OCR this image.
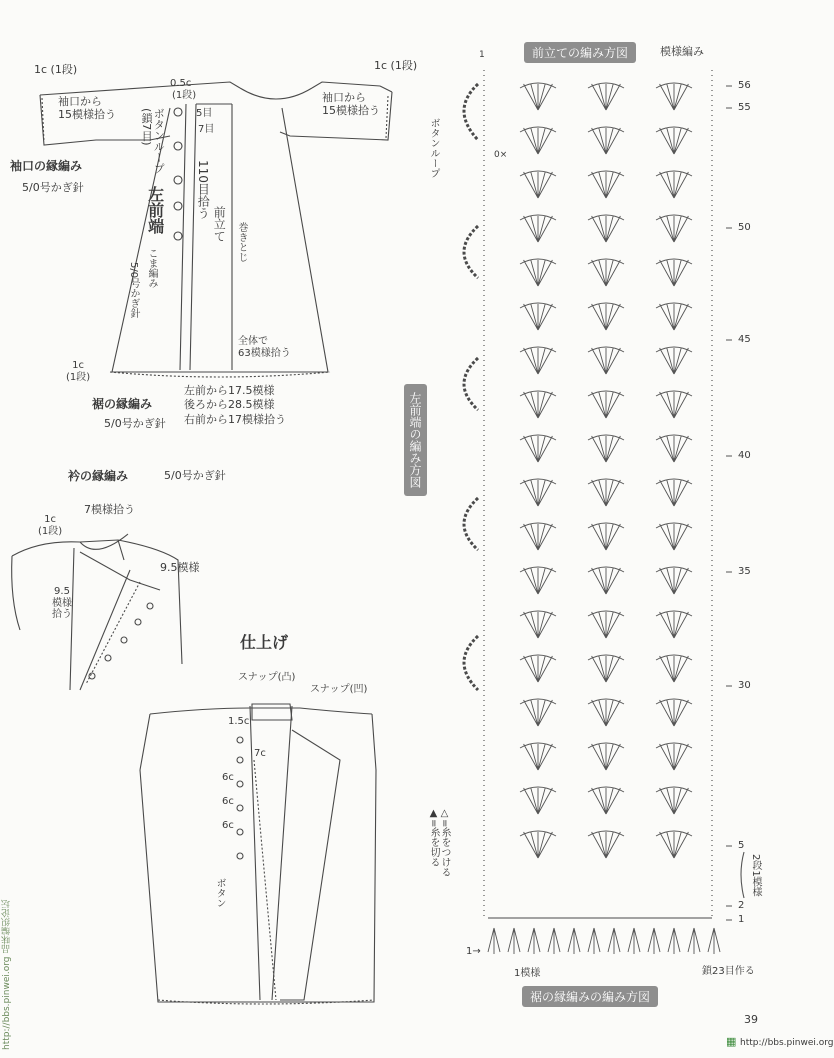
1c (1段)	1c (1段)
袖口から
15模様拾う
袖口から
15模様拾う
袖口の縁編み
5/0号かぎ針
0.5c
(1段)
ボタンループ
(鎖7目)	5目
7目
110目拾う
左前端	前立て 巻きとじ
こま編み
5/0号かぎ針
全体で
63模様拾う
1c
(1段)
裾の縁編み
5/0号かぎ針
左前から17.5模様
後ろから28.5模様
右前から17模様拾う
衿の縁編み	5/0号かぎ針
7模様拾う
1c
(1段)
9.5模様
9.5
模様
拾う
仕上げ
スナップ(凸)
スナップ(凹)
1.5c
7c
6c
6c
6c
ボタン
前立ての編み方図	模様編み
左前端の編み方図
ボタンループ
△=糸をつける
▲=糸を切る
1
0×
56
55
50
45
40
35
30
5
2
1
2段1模様
1→
1模様	鎖23目作る
裾の縁編みの編み方図
39
http://bbs.pinwei.org
▦
http://bbs.pinwei.org 品味编织论坛
